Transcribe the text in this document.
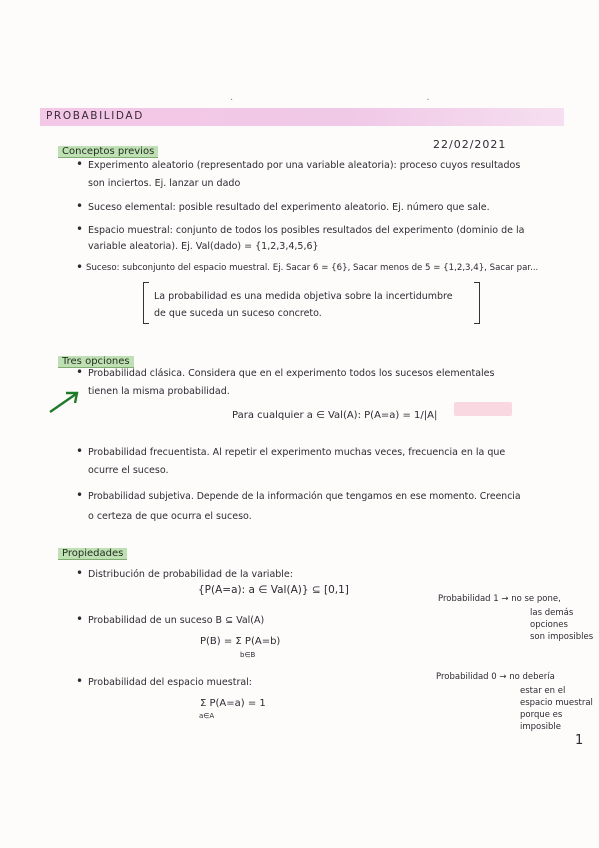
· ·
PROBABILIDAD
22/02/2021
Conceptos previos
• Experimento aleatorio (representado por una variable aleatoria): proceso cuyos resultados
son inciertos. Ej. lanzar un dado
• Suceso elemental: posible resultado del experimento aleatorio. Ej. número que sale.
• Espacio muestral: conjunto de todos los posibles resultados del experimento (dominio de la
variable aleatoria). Ej. Val(dado) = {1,2,3,4,5,6}
• Suceso: subconjunto del espacio muestral. Ej. Sacar 6 = {6}, Sacar menos de 5 = {1,2,3,4}, Sacar par...
La probabilidad es una medida objetiva sobre la incertidumbre
de que suceda un suceso concreto.
Tres opciones
• Probabilidad clásica. Considera que en el experimento todos los sucesos elementales
tienen la misma probabilidad.
Para cualquier a ∈ Val(A): P(A=a) = 1/|A|
• Probabilidad frecuentista. Al repetir el experimento muchas veces, frecuencia en la que
ocurre el suceso.
• Probabilidad subjetiva. Depende de la información que tengamos en ese momento. Creencia
o certeza de que ocurra el suceso.
Propiedades
• Distribución de probabilidad de la variable:
{P(A=a): a ∈ Val(A)} ⊆ [0,1]
Probabilidad 1 → no se pone,
las demás
opciones
son imposibles
• Probabilidad de un suceso B ⊆ Val(A)
P(B) = Σ P(A=b)
b∈B
• Probabilidad del espacio muestral:
Σ P(A=a) = 1
a∈A
Probabilidad 0 → no debería
estar en el
espacio muestral
porque es
imposible
1
